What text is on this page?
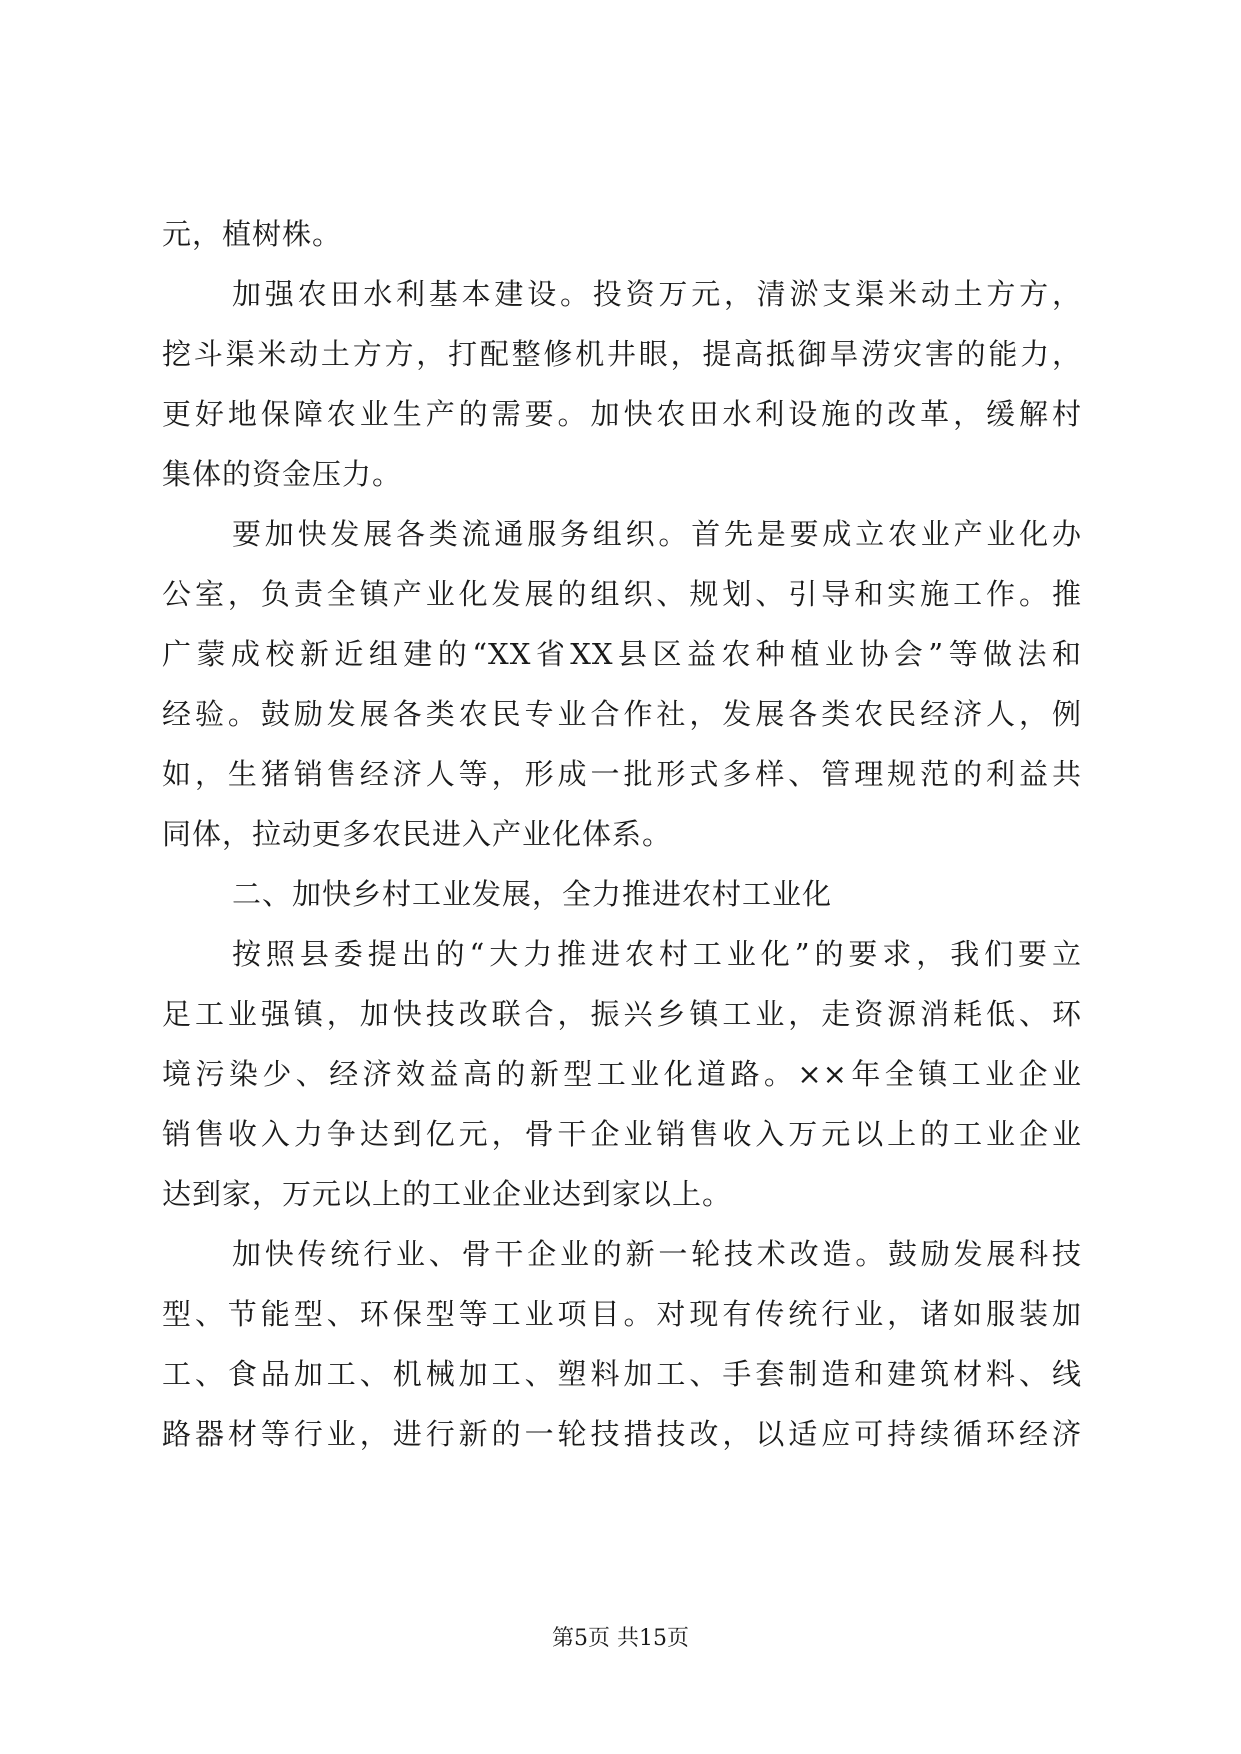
元，植树株。
加强农田水利基本建设。投资万元，清淤支渠米动土方方，
挖斗渠米动土方方，打配整修机井眼，提高抵御旱涝灾害的能力，
更好地保障农业生产的需要。加快农田水利设施的改革，缓解村
集体的资金压力。
要加快发展各类流通服务组织。首先是要成立农业产业化办
公室，负责全镇产业化发展的组织、规划、引导和实施工作。推
广蒙成校新近组建的“XX省XX县区益农种植业协会”等做法和
经验。鼓励发展各类农民专业合作社，发展各类农民经济人，例
如，生猪销售经济人等，形成一批形式多样、管理规范的利益共
同体，拉动更多农民进入产业化体系。
二、加快乡村工业发展，全力推进农村工业化
按照县委提出的“大力推进农村工业化”的要求，我们要立
足工业强镇，加快技改联合，振兴乡镇工业，走资源消耗低、环
境污染少、经济效益高的新型工业化道路。××年全镇工业企业
销售收入力争达到亿元，骨干企业销售收入万元以上的工业企业
达到家，万元以上的工业企业达到家以上。
加快传统行业、骨干企业的新一轮技术改造。鼓励发展科技
型、节能型、环保型等工业项目。对现有传统行业，诸如服装加
工、食品加工、机械加工、塑料加工、手套制造和建筑材料、线
路器材等行业，进行新的一轮技措技改，以适应可持续循环经济
第5页 共15页
